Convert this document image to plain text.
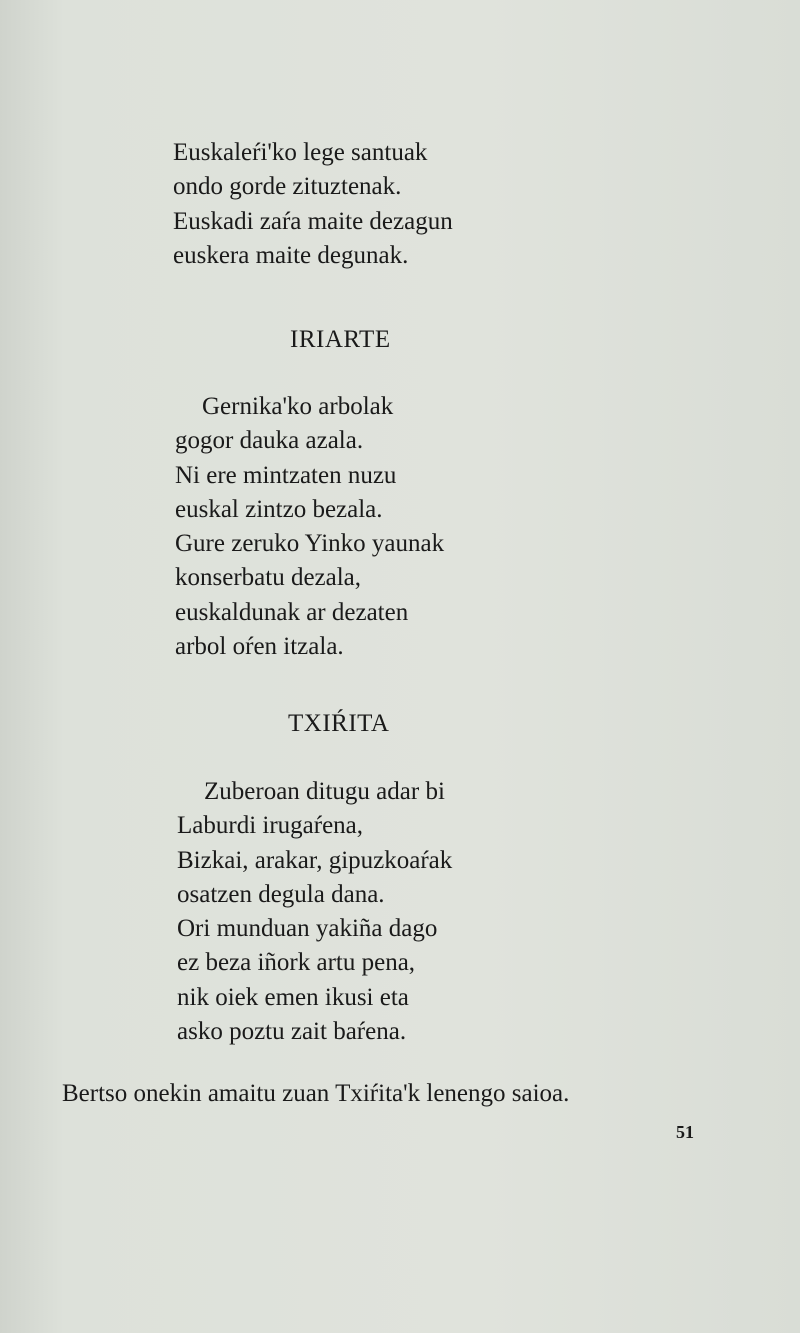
Euskaleŕi'ko lege santuak
ondo gorde zituztenak.
Euskadi zaŕa maite dezagun
euskera maite degunak.
IRIARTE
Gernika'ko arbolak
gogor dauka azala.
Ni ere mintzaten nuzu
euskal zintzo bezala.
Gure zeruko Yinko yaunak
konserbatu dezala,
euskaldunak ar dezaten
arbol oŕen itzala.
TXIŔITA
Zuberoan ditugu adar bi
Laburdi irugaŕena,
Bizkai, arakar, gipuzkoaŕak
osatzen degula dana.
Ori munduan yakiña dago
ez beza iñork artu pena,
nik oiek emen ikusi eta
asko poztu zait baŕena.
Bertso onekin amaitu zuan Txiŕita'k lenengo saioa.
51
